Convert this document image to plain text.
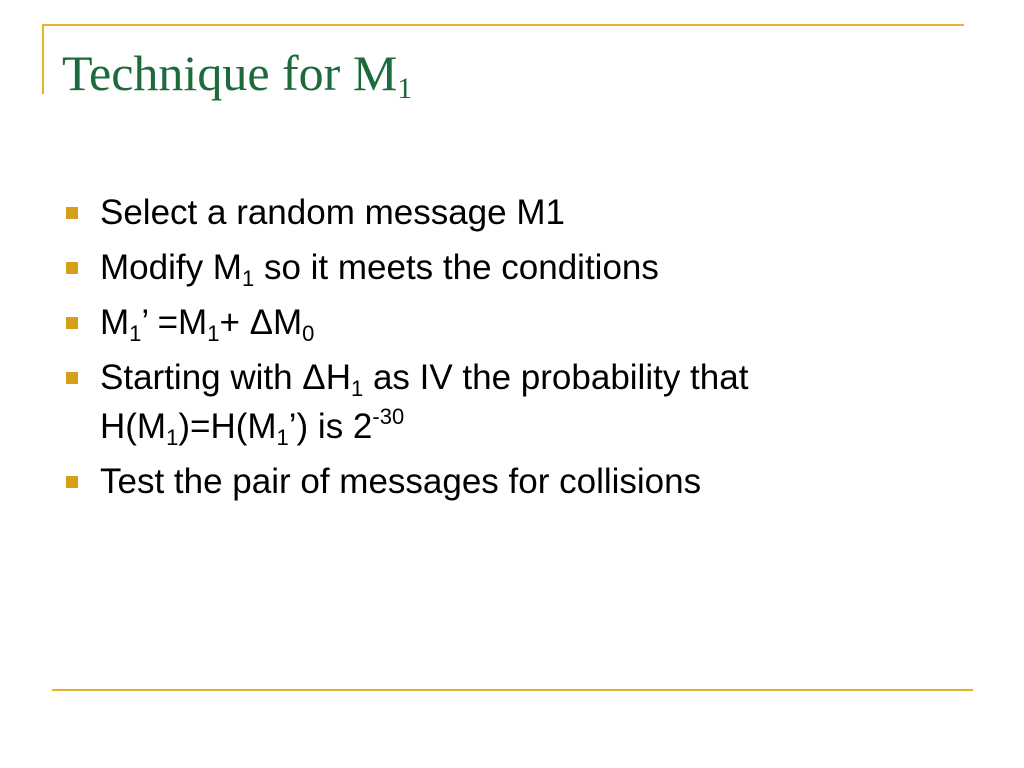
Technique for $M_1$
Select a random message M1
Modify $M_1$ so it meets the conditions
$M_1$’ $=M_1+ \Delta M_0$
Starting with $\Delta H_1$ as IV the probability that
$H(M_1)=H(M_1’)$ is $2^{-30}$
Test the pair of messages for collisions
